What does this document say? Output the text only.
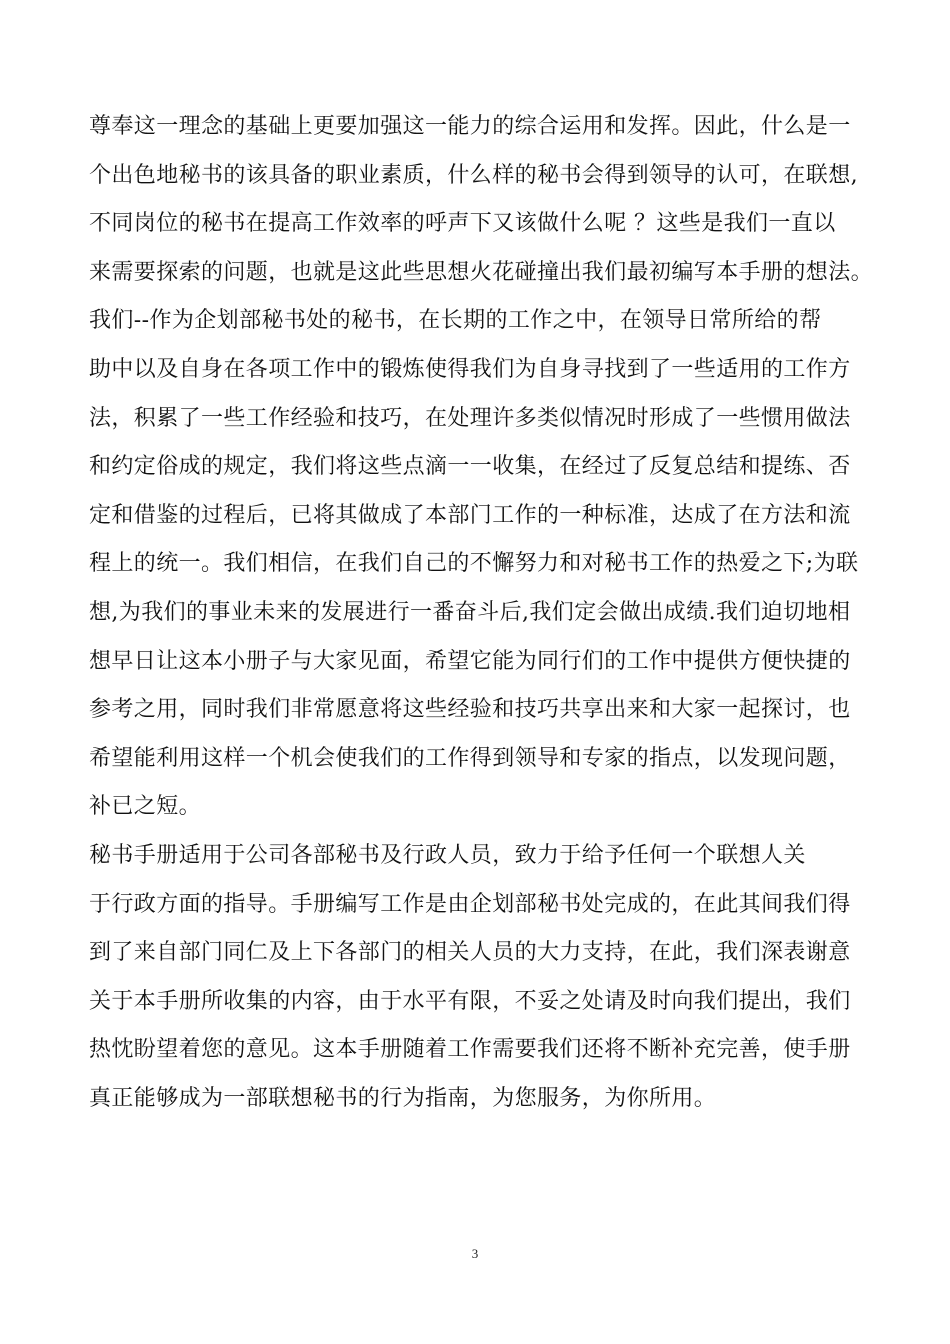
尊奉这一理念的基础上更要加强这一能力的综合运用和发挥。因此，什么是一
个出色地秘书的该具备的职业素质，什么样的秘书会得到领导的认可，在联想,
不同岗位的秘书在提高工作效率的呼声下又该做什么呢 ？这些是我们一直以
来需要探索的问题，也就是这此些思想火花碰撞出我们最初编写本手册的想法。
我们--作为企划部秘书处的秘书，在长期的工作之中，在领导日常所给的帮
助中以及自身在各项工作中的锻炼使得我们为自身寻找到了一些适用的工作方
法，积累了一些工作经验和技巧，在处理许多类似情况时形成了一些惯用做法
和约定俗成的规定，我们将这些点滴一一收集，在经过了反复总结和提练、否
定和借鉴的过程后，已将其做成了本部门工作的一种标准，达成了在方法和流
程上的统一。我们相信，在我们自己的不懈努力和对秘书工作的热爱之下;为联
想,为我们的事业未来的发展进行一番奋斗后,我们定会做出成绩.我们迫切地相
想早日让这本小册子与大家见面，希望它能为同行们的工作中提供方便快捷的
参考之用，同时我们非常愿意将这些经验和技巧共享出来和大家一起探讨，也
希望能利用这样一个机会使我们的工作得到领导和专家的指点，以发现问题，
补已之短。
秘书手册适用于公司各部秘书及行政人员，致力于给予任何一个联想人关
于行政方面的指导。手册编写工作是由企划部秘书处完成的，在此其间我们得
到了来自部门同仁及上下各部门的相关人员的大力支持，在此，我们深表谢意
关于本手册所收集的内容，由于水平有限，不妥之处请及时向我们提出，我们
热忱盼望着您的意见。这本手册随着工作需要我们还将不断补充完善，使手册
真正能够成为一部联想秘书的行为指南，为您服务，为你所用。
3
